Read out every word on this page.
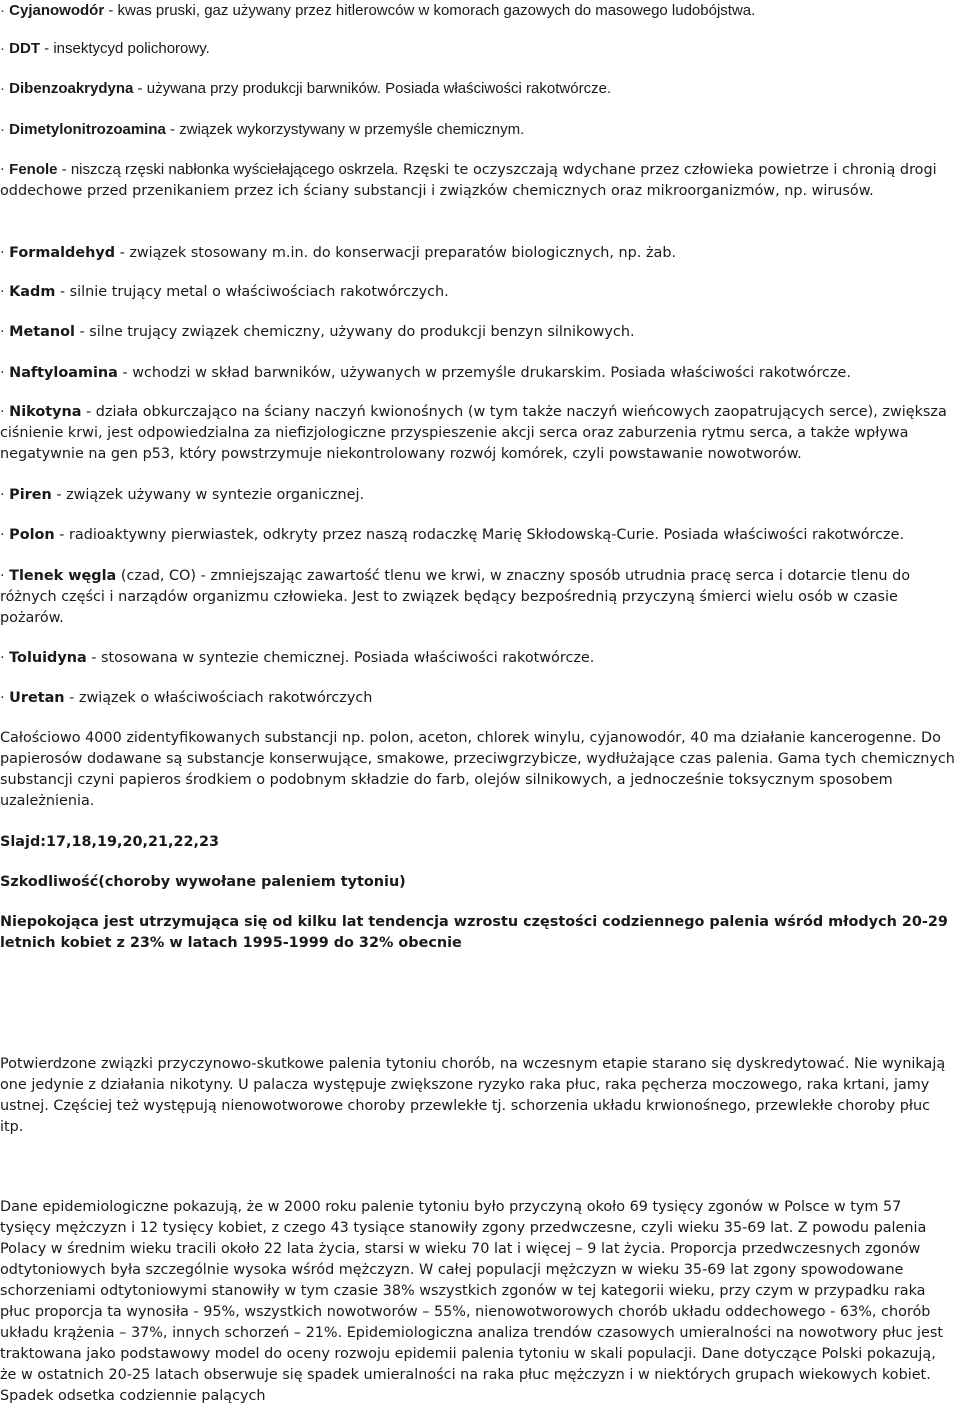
· Cyjanowodór - kwas pruski, gaz używany przez hitlerowców w komorach gazowych do masowego ludobójstwa.

· DDT - insektycyd polichorowy.

· Dibenzoakrydyna - używana przy produkcji barwników. Posiada właściwości rakotwórcze.

· Dimetylonitrozoamina - związek wykorzystywany w przemyśle chemicznym.

· Fenole - niszczą rzęski nabłonka wyściełającego oskrzela. Rzęski te oczyszczają wdychane przez człowieka powietrze i chronią drogi oddechowe przed przenikaniem przez ich ściany substancji i związków chemicznych oraz mikroorganizmów, np. wirusów.

· Formaldehyd - związek stosowany m.in. do konserwacji preparatów biologicznych, np. żab.

· Kadm - silnie trujący metal o właściwościach rakotwórczych.

· Metanol - silne trujący związek chemiczny, używany do produkcji benzyn silnikowych.

· Naftyloamina - wchodzi w skład barwników, używanych w przemyśle drukarskim. Posiada właściwości rakotwórcze.

· Nikotyna - działa obkurczająco na ściany naczyń kwionośnych (w tym także naczyń wieńcowych zaopatrujących serce), zwiększa ciśnienie krwi, jest odpowiedzialna za niefizjologiczne przyspieszenie akcji serca oraz zaburzenia rytmu serca, a także wpływa negatywnie na gen p53, który powstrzymuje niekontrolowany rozwój komórek, czyli powstawanie nowotworów.

· Piren - związek używany w syntezie organicznej.

· Polon - radioaktywny pierwiastek, odkryty przez naszą rodaczkę Marię Skłodowską-Curie. Posiada właściwości rakotwórcze.

· Tlenek węgla (czad, CO) - zmniejszając zawartość tlenu we krwi, w znaczny sposób utrudnia pracę serca i dotarcie tlenu do różnych części i narządów organizmu człowieka. Jest to związek będący bezpośrednią przyczyną śmierci wielu osób w czasie pożarów.

· Toluidyna - stosowana w syntezie chemicznej. Posiada właściwości rakotwórcze.

· Uretan - związek o właściwościach rakotwórczych

Całościowo 4000 zidentyfikowanych substancji np. polon, aceton, chlorek winylu, cyjanowodór, 40 ma działanie kancerogenne. Do papierosów dodawane są substancje konserwujące, smakowe, przeciwgrzybicze, wydłużające czas palenia. Gama tych chemicznych substancji czyni papieros środkiem o podobnym składzie do farb, olejów silnikowych, a jednocześnie toksycznym sposobem uzależnienia.

Slajd:17,18,19,20,21,22,23

Szkodliwość(choroby wywołane paleniem tytoniu)

Niepokojąca jest utrzymująca się od kilku lat tendencja wzrostu częstości codziennego palenia wśród młodych 20-29 letnich kobiet z 23% w latach 1995-1999 do 32% obecnie

Potwierdzone związki przyczynowo-skutkowe palenia tytoniu chorób, na wczesnym etapie starano się dyskredytować. Nie wynikają one jedynie z działania nikotyny. U palacza występuje zwiększone ryzyko raka płuc, raka pęcherza moczowego, raka krtani, jamy ustnej. Częściej też występują nienowotworowe choroby przewlekłe tj. schorzenia układu krwionośnego, przewlekłe choroby płuc itp.

Dane epidemiologiczne pokazują, że w 2000 roku palenie tytoniu było przyczyną około 69 tysięcy zgonów w Polsce w tym 57 tysięcy mężczyzn i 12 tysięcy kobiet, z czego 43 tysiące stanowiły zgony przedwczesne, czyli wieku 35-69 lat. Z powodu palenia Polacy w średnim wieku tracili około 22 lata życia, starsi w wieku 70 lat i więcej – 9 lat życia. Proporcja przedwczesnych zgonów odtytoniowych była szczególnie wysoka wśród mężczyzn. W całej populacji mężczyzn w wieku 35-69 lat zgony spowodowane schorzeniami odtytoniowymi stanowiły w tym czasie 38% wszystkich zgonów w tej kategorii wieku, przy czym w przypadku raka płuc proporcja ta wynosiła - 95%, wszystkich nowotworów – 55%, nienowotworowych chorób układu oddechowego - 63%, chorób układu krążenia – 37%, innych schorzeń – 21%. Epidemiologiczna analiza trendów czasowych umieralności na nowotwory płuc jest traktowana jako podstawowy model do oceny rozwoju epidemii palenia tytoniu w skali populacji. Dane dotyczące Polski pokazują, że w ostatnich 20-25 latach obserwuje się spadek umieralności na raka płuc mężczyzn i w niektórych grupach wiekowych kobiet. Spadek odsetka codziennie palących
